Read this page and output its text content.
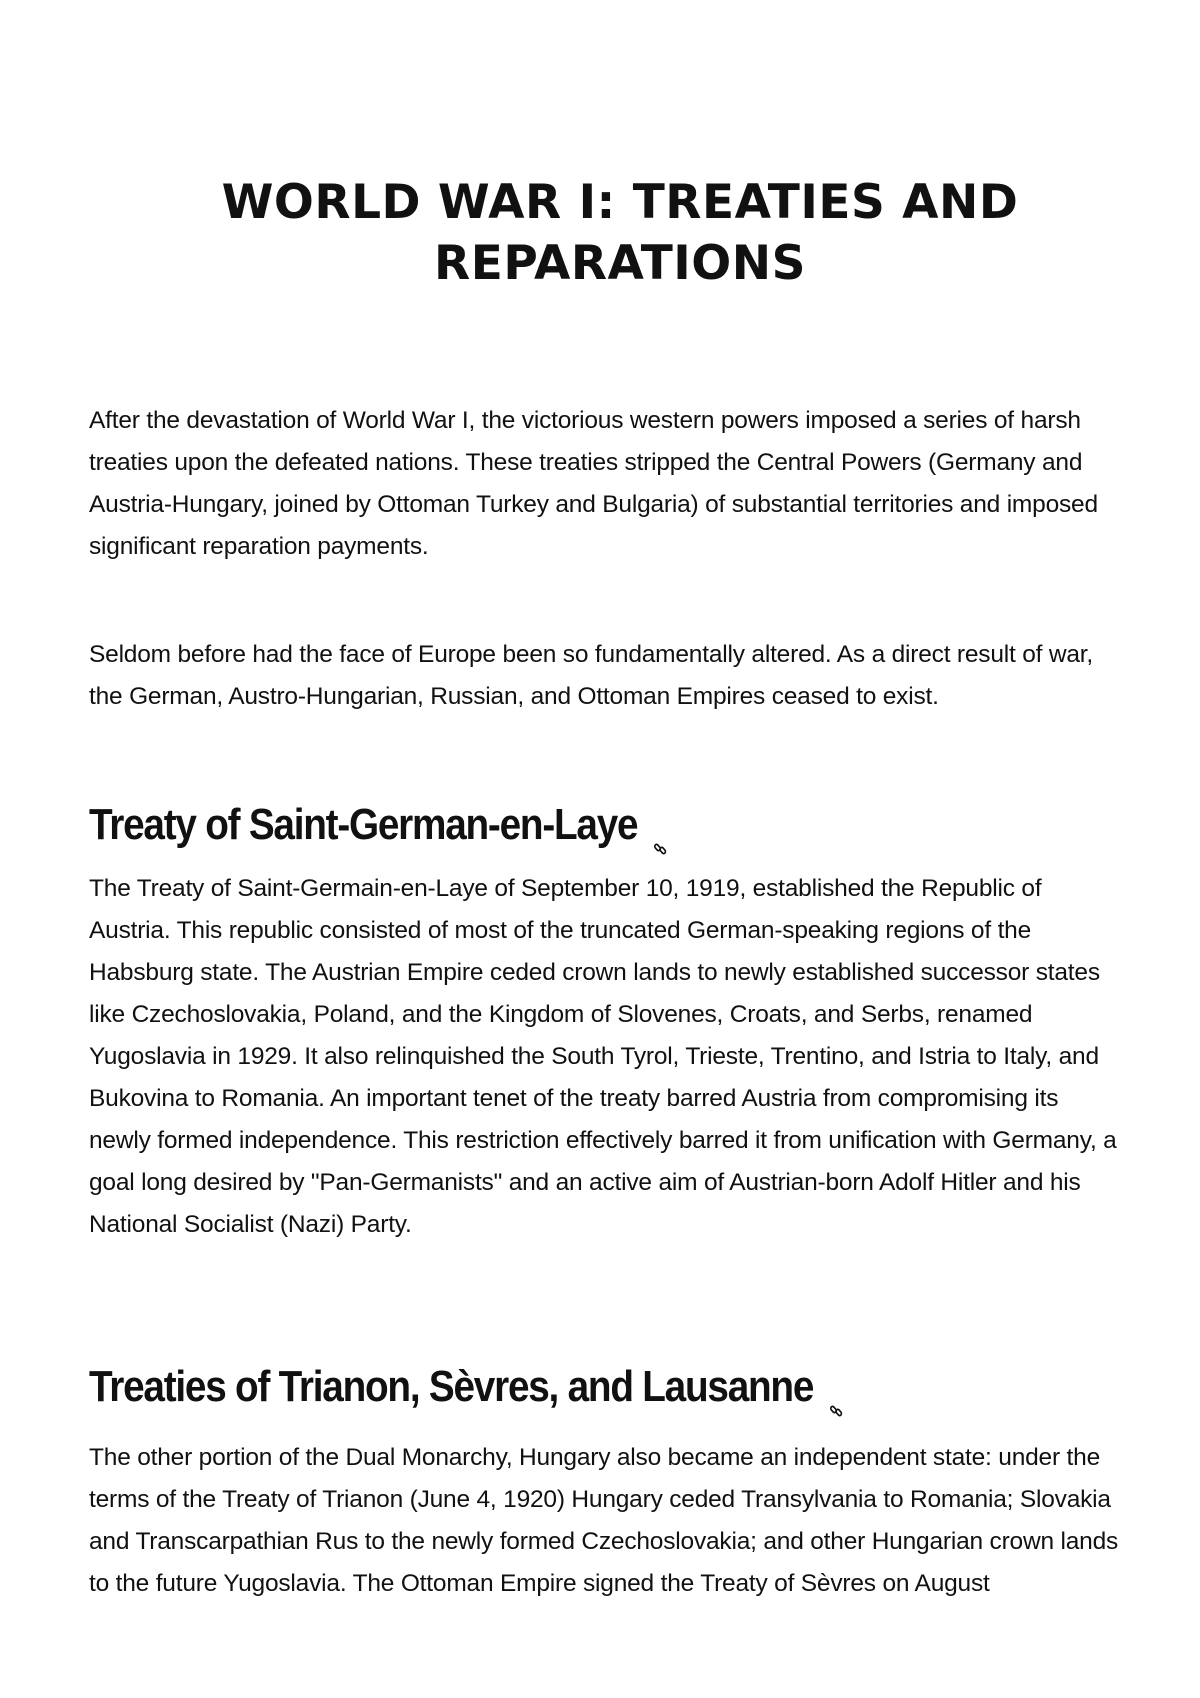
WORLD WAR I: TREATIES AND REPARATIONS

After the devastation of World War I, the victorious western powers imposed a series of harsh treaties upon the defeated nations. These treaties stripped the Central Powers (Germany and Austria-Hungary, joined by Ottoman Turkey and Bulgaria) of substantial territories and imposed significant reparation payments.

Seldom before had the face of Europe been so fundamentally altered. As a direct result of war, the German, Austro-Hungarian, Russian, and Ottoman Empires ceased to exist.

Treaty of Saint-German-en-Laye

The Treaty of Saint-Germain-en-Laye of September 10, 1919, established the Republic of Austria. This republic consisted of most of the truncated German-speaking regions of the Habsburg state. The Austrian Empire ceded crown lands to newly established successor states like Czechoslovakia, Poland, and the Kingdom of Slovenes, Croats, and Serbs, renamed Yugoslavia in 1929. It also relinquished the South Tyrol, Trieste, Trentino, and Istria to Italy, and Bukovina to Romania. An important tenet of the treaty barred Austria from compromising its newly formed independence. This restriction effectively barred it from unification with Germany, a goal long desired by "Pan-Germanists" and an active aim of Austrian-born Adolf Hitler and his National Socialist (Nazi) Party.

Treaties of Trianon, Sèvres, and Lausanne

The other portion of the Dual Monarchy, Hungary also became an independent state: under the terms of the Treaty of Trianon (June 4, 1920) Hungary ceded Transylvania to Romania; Slovakia and Transcarpathian Rus to the newly formed Czechoslovakia; and other Hungarian crown lands to the future Yugoslavia. The Ottoman Empire signed the Treaty of Sèvres on August
